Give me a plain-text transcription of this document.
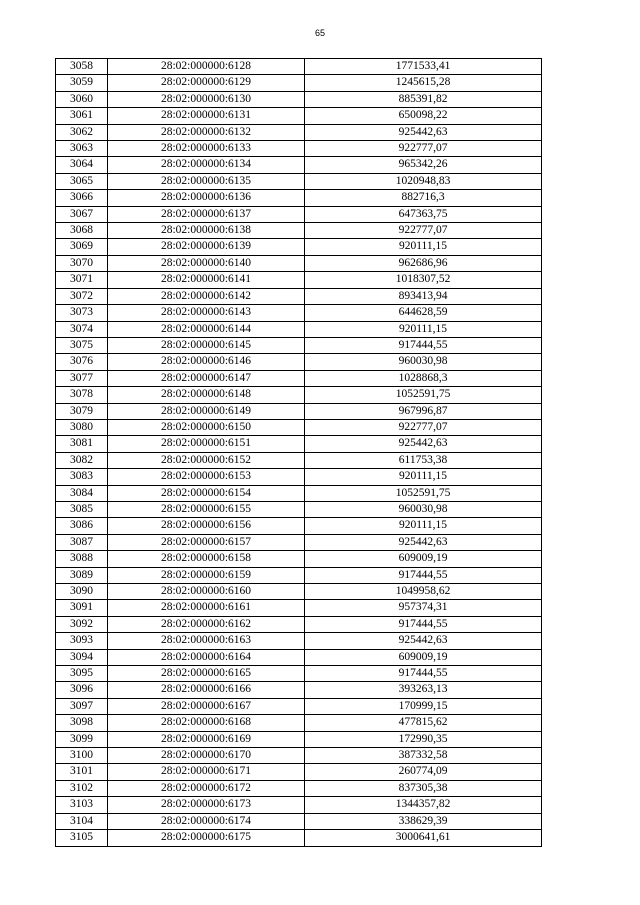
65
3058	28:02:000000:6128	1771533,41
3059	28:02:000000:6129	1245615,28
3060	28:02:000000:6130	885391,82
3061	28:02:000000:6131	650098,22
3062	28:02:000000:6132	925442,63
3063	28:02:000000:6133	922777,07
3064	28:02:000000:6134	965342,26
3065	28:02:000000:6135	1020948,83
3066	28:02:000000:6136	882716,3
3067	28:02:000000:6137	647363,75
3068	28:02:000000:6138	922777,07
3069	28:02:000000:6139	920111,15
3070	28:02:000000:6140	962686,96
3071	28:02:000000:6141	1018307,52
3072	28:02:000000:6142	893413,94
3073	28:02:000000:6143	644628,59
3074	28:02:000000:6144	920111,15
3075	28:02:000000:6145	917444,55
3076	28:02:000000:6146	960030,98
3077	28:02:000000:6147	1028868,3
3078	28:02:000000:6148	1052591,75
3079	28:02:000000:6149	967996,87
3080	28:02:000000:6150	922777,07
3081	28:02:000000:6151	925442,63
3082	28:02:000000:6152	611753,38
3083	28:02:000000:6153	920111,15
3084	28:02:000000:6154	1052591,75
3085	28:02:000000:6155	960030,98
3086	28:02:000000:6156	920111,15
3087	28:02:000000:6157	925442,63
3088	28:02:000000:6158	609009,19
3089	28:02:000000:6159	917444,55
3090	28:02:000000:6160	1049958,62
3091	28:02:000000:6161	957374,31
3092	28:02:000000:6162	917444,55
3093	28:02:000000:6163	925442,63
3094	28:02:000000:6164	609009,19
3095	28:02:000000:6165	917444,55
3096	28:02:000000:6166	393263,13
3097	28:02:000000:6167	170999,15
3098	28:02:000000:6168	477815,62
3099	28:02:000000:6169	172990,35
3100	28:02:000000:6170	387332,58
3101	28:02:000000:6171	260774,09
3102	28:02:000000:6172	837305,38
3103	28:02:000000:6173	1344357,82
3104	28:02:000000:6174	338629,39
3105	28:02:000000:6175	3000641,61
